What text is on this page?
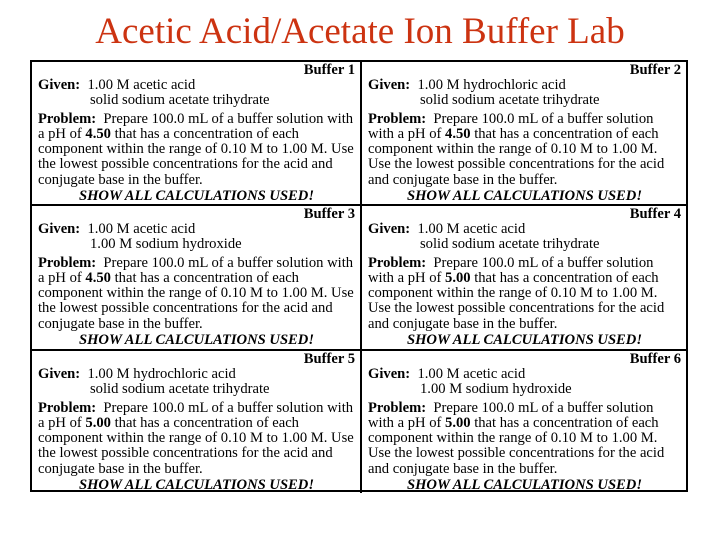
Acetic Acid/Acetate Ion Buffer Lab
Buffer 1
Given: 1.00 M acetic acid
solid sodium acetate trihydrate
Problem: Prepare 100.0 mL of a buffer solution with a pH of 4.50 that has a concentration of each component within the range of 0.10 M to 1.00 M. Use the lowest possible concentrations for the acid and conjugate base in the buffer.
SHOW ALL CALCULATIONS USED!
Buffer 2
Given: 1.00 M hydrochloric acid
solid sodium acetate trihydrate
Problem: Prepare 100.0 mL of a buffer solution with a pH of 4.50 that has a concentration of each component within the range of 0.10 M to 1.00 M. Use the lowest possible concentrations for the acid and conjugate base in the buffer.
SHOW ALL CALCULATIONS USED!
Buffer 3
Given: 1.00 M acetic acid
1.00 M sodium hydroxide
Problem: Prepare 100.0 mL of a buffer solution with a pH of 4.50 that has a concentration of each component within the range of 0.10 M to 1.00 M. Use the lowest possible concentrations for the acid and conjugate base in the buffer.
SHOW ALL CALCULATIONS USED!
Buffer 4
Given: 1.00 M acetic acid
solid sodium acetate trihydrate
Problem: Prepare 100.0 mL of a buffer solution with a pH of 5.00 that has a concentration of each component within the range of 0.10 M to 1.00 M. Use the lowest possible concentrations for the acid and conjugate base in the buffer.
SHOW ALL CALCULATIONS USED!
Buffer 5
Given: 1.00 M hydrochloric acid
solid sodium acetate trihydrate
Problem: Prepare 100.0 mL of a buffer solution with a pH of 5.00 that has a concentration of each component within the range of 0.10 M to 1.00 M. Use the lowest possible concentrations for the acid and conjugate base in the buffer.
SHOW ALL CALCULATIONS USED!
Buffer 6
Given: 1.00 M acetic acid
1.00 M sodium hydroxide
Problem: Prepare 100.0 mL of a buffer solution with a pH of 5.00 that has a concentration of each component within the range of 0.10 M to 1.00 M. Use the lowest possible concentrations for the acid and conjugate base in the buffer.
SHOW ALL CALCULATIONS USED!
